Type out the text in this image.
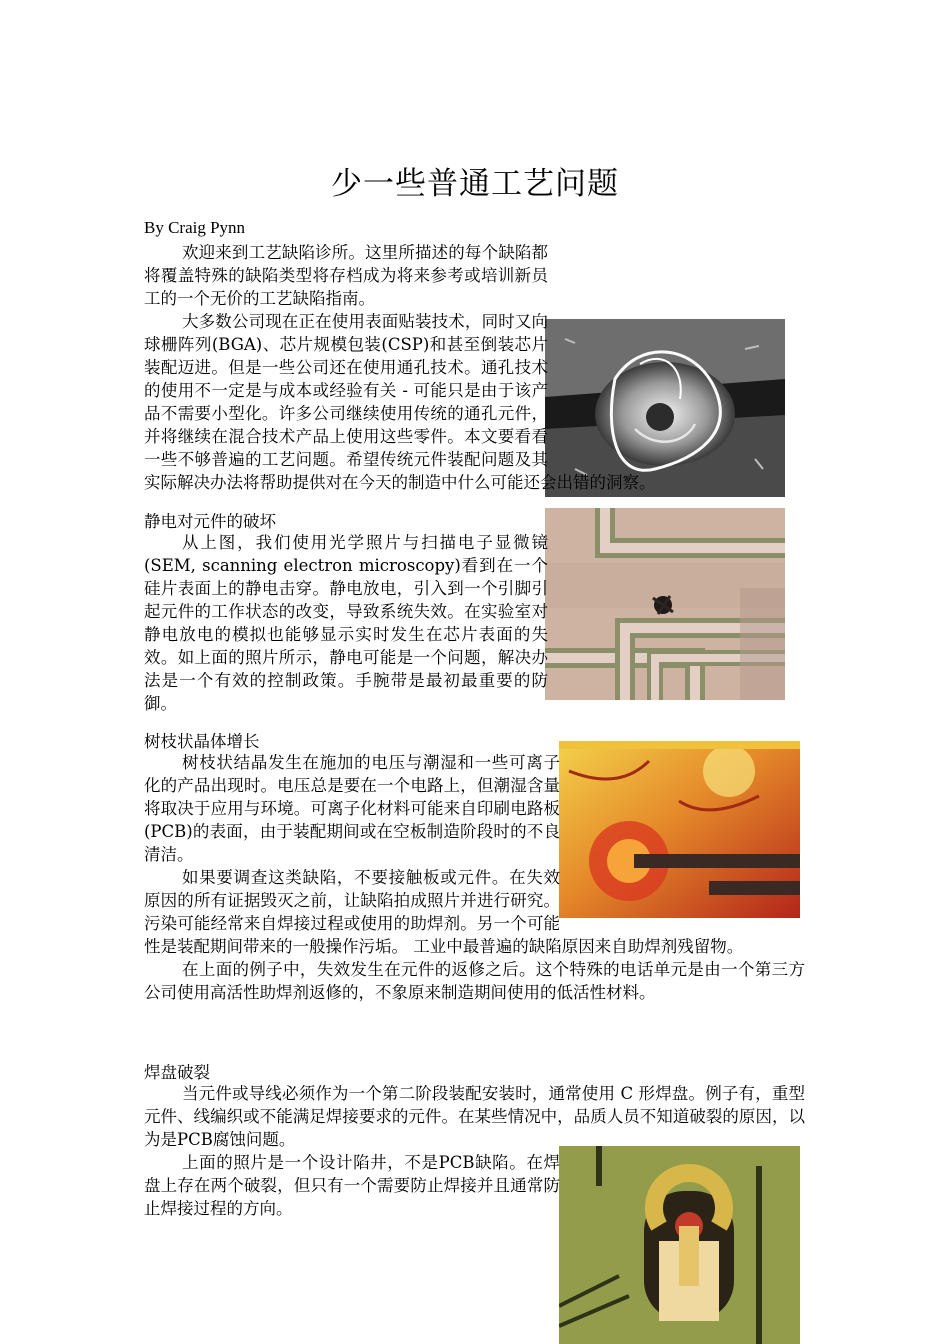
少一些普通工艺问题
By Craig Pynn

欢迎来到工艺缺陷诊所。这里所描述的每个缺陷都将覆盖特殊的缺陷类型将存档成为将来参考或培训新员工的一个无价的工艺缺陷指南。

大多数公司现在正在使用表面贴装技术，同时又向球栅阵列(BGA)、芯片规模包装(CSP)和甚至倒装芯片装配迈进。但是一些公司还在使用通孔技术。通孔技术的使用不一定是与成本或经验有关 - 可能只是由于该产品不需要小型化。许多公司继续使用传统的通孔元件，并将继续在混合技术产品上使用这些零件。本文要看看一些不够普遍的工艺问题。希望传统元件装配问题及其实际解决办法将帮助提供对在今天的制造中什么可能还会出错的洞察。

静电对元件的破坏

从上图，我们使用光学照片与扫描电子显微镜(SEM, scanning electron microscopy)看到在一个硅片表面上的静电击穿。静电放电，引入到一个引脚引起元件的工作状态的改变，导致系统失效。在实验室对静电放电的模拟也能够显示实时发生在芯片表面的失效。如上面的照片所示，静电可能是一个问题，解决办法是一个有效的控制政策。手腕带是最初最重要的防御。

树枝状晶体增长

树枝状结晶发生在施加的电压与潮湿和一些可离子化的产品出现时。电压总是要在一个电路上，但潮湿含量将取决于应用与环境。可离子化材料可能来自印刷电路板(PCB)的表面，由于装配期间或在空板制造阶段时的不良清洁。

如果要调查这类缺陷，不要接触板或元件。在失效原因的所有证据毁灭之前，让缺陷拍成照片并进行研究。污染可能经常来自焊接过程或使用的助焊剂。另一个可能性是装配期间带来的一般操作污垢。 工业中最普遍的缺陷原因来自助焊剂残留物。

在上面的例子中，失效发生在元件的返修之后。这个特殊的电话单元是由一个第三方公司使用高活性助焊剂返修的，不象原来制造期间使用的低活性材料。

焊盘破裂

当元件或导线必须作为一个第二阶段装配安装时，通常使用 C 形焊盘。例子有，重型元件、线编织或不能满足焊接要求的元件。在某些情况中，品质人员不知道破裂的原因，以为是PCB腐蚀问题。

上面的照片是一个设计陷井，不是PCB缺陷。在焊盘上存在两个破裂，但只有一个需要防止焊接并且通常防止焊接过程的方向。
